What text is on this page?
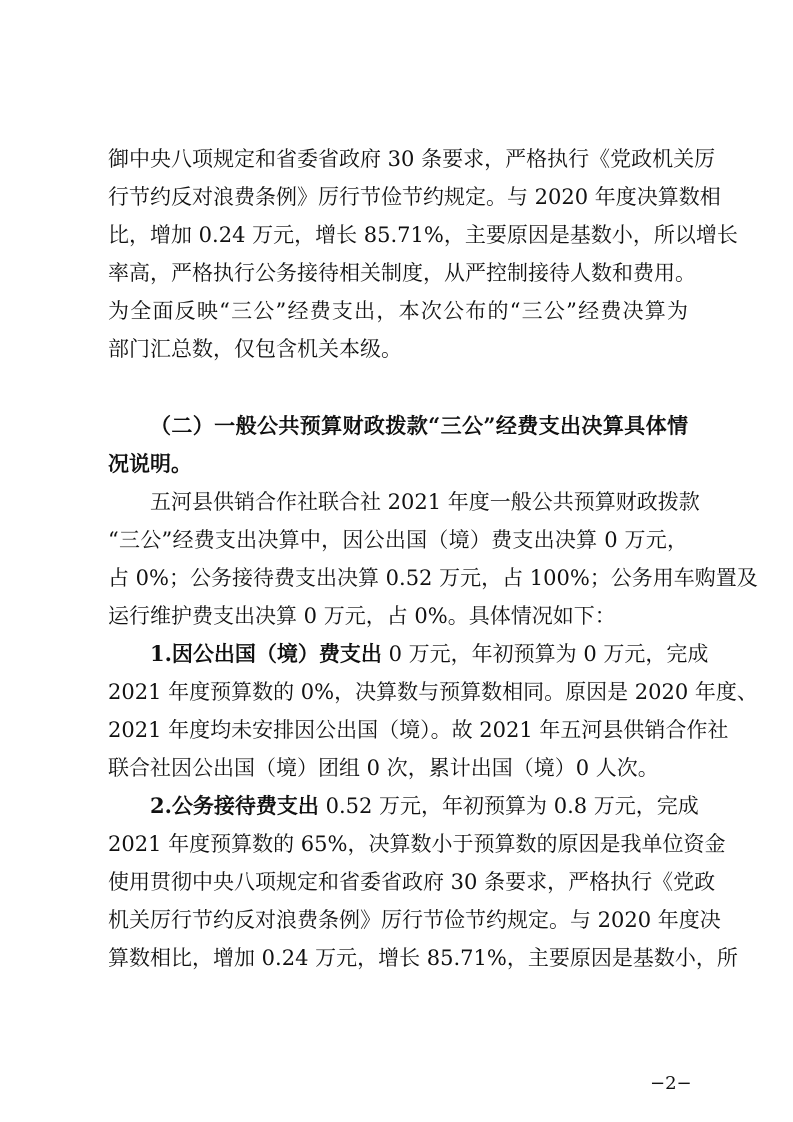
御中央八项规定和省委省政府 30 条要求，严格执行《党政机关厉
行节约反对浪费条例》厉行节俭节约规定。与 2020 年度决算数相
比，增加 0.24 万元，增长 85.71%，主要原因是基数小，所以增长
率高，严格执行公务接待相关制度，从严控制接待人数和费用。
为全面反映“三公”经费支出，本次公布的“三公”经费决算为
部门汇总数，仅包含机关本级。
（二）一般公共预算财政拨款“三公”经费支出决算具体情
况说明。
五河县供销合作社联合社 2021 年度一般公共预算财政拨款
“三公”经费支出决算中，因公出国（境）费支出决算 0 万元，
占 0%；公务接待费支出决算 0.52 万元，占 100%；公务用车购置及
运行维护费支出决算 0 万元，占 0%。具体情况如下：
1.因公出国（境）费支出 0 万元，年初预算为 0 万元，完成
2021 年度预算数的 0%，决算数与预算数相同。原因是 2020 年度、
2021 年度均未安排因公出国（境）。故 2021 年五河县供销合作社
联合社因公出国（境）团组 0 次，累计出国（境）0 人次。
2.公务接待费支出 0.52 万元，年初预算为 0.8 万元，完成
2021 年度预算数的 65%，决算数小于预算数的原因是我单位资金
使用贯彻中央八项规定和省委省政府 30 条要求，严格执行《党政
机关厉行节约反对浪费条例》厉行节俭节约规定。与 2020 年度决
算数相比，增加 0.24 万元，增长 85.71%，主要原因是基数小，所
−2−
